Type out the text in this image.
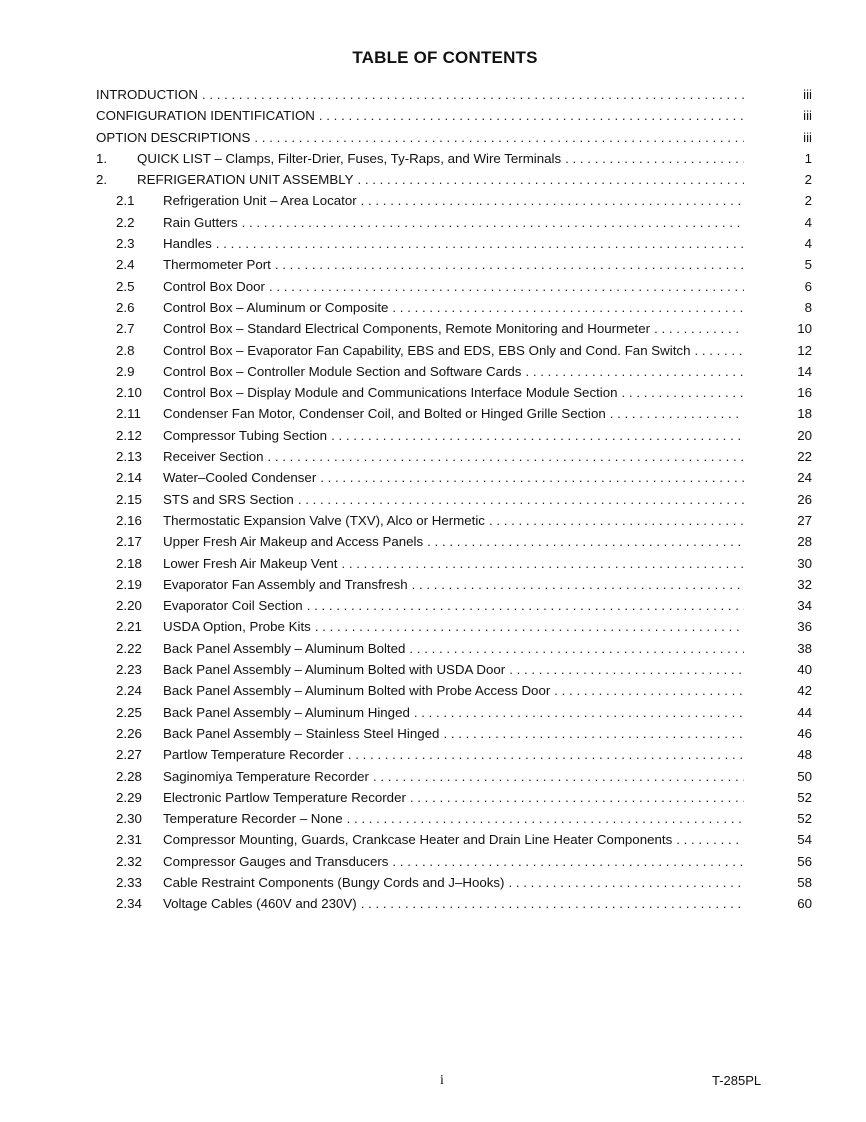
TABLE OF CONTENTS
INTRODUCTION . . .	iii
CONFIGURATION IDENTIFICATION . . .	iii
OPTION DESCRIPTIONS . . .	iii
1. QUICK LIST – Clamps, Filter-Drier, Fuses, Ty-Raps, and Wire Terminals . . .	1
2. REFRIGERATION UNIT ASSEMBLY . . .	2
2.1 Refrigeration Unit – Area Locator . . .	2
2.2 Rain Gutters . . .	4
2.3 Handles . . .	4
2.4 Thermometer Port . . .	5
2.5 Control Box Door . . .	6
2.6 Control Box – Aluminum or Composite . . .	8
2.7 Control Box – Standard Electrical Components, Remote Monitoring and Hourmeter . . .	10
2.8 Control Box – Evaporator Fan Capability, EBS and EDS, EBS Only and Cond. Fan Switch . . .	12
2.9 Control Box – Controller Module Section and Software Cards . . .	14
2.10 Control Box – Display Module and Communications Interface Module Section . . .	16
2.11 Condenser Fan Motor, Condenser Coil, and Bolted or Hinged Grille Section . . .	18
2.12 Compressor Tubing Section . . .	20
2.13 Receiver Section . . .	22
2.14 Water–Cooled Condenser . . .	24
2.15 STS and SRS Section . . .	26
2.16 Thermostatic Expansion Valve (TXV), Alco or Hermetic . . .	27
2.17 Upper Fresh Air Makeup and Access Panels . . .	28
2.18 Lower Fresh Air Makeup Vent . . .	30
2.19 Evaporator Fan Assembly and Transfresh . . .	32
2.20 Evaporator Coil Section . . .	34
2.21 USDA Option, Probe Kits . . .	36
2.22 Back Panel Assembly – Aluminum Bolted . . .	38
2.23 Back Panel Assembly – Aluminum Bolted with USDA Door . . .	40
2.24 Back Panel Assembly – Aluminum Bolted with Probe Access Door . . .	42
2.25 Back Panel Assembly – Aluminum Hinged . . .	44
2.26 Back Panel Assembly – Stainless Steel Hinged . . .	46
2.27 Partlow Temperature Recorder . . .	48
2.28 Saginomiya Temperature Recorder . . .	50
2.29 Electronic Partlow Temperature Recorder . . .	52
2.30 Temperature Recorder – None . . .	52
2.31 Compressor Mounting, Guards, Crankcase Heater and Drain Line Heater Components . . .	54
2.32 Compressor Gauges and Transducers . . .	56
2.33 Cable Restraint Components (Bungy Cords and J–Hooks) . . .	58
2.34 Voltage Cables (460V and 230V) . . .	60
i	T-285PL
